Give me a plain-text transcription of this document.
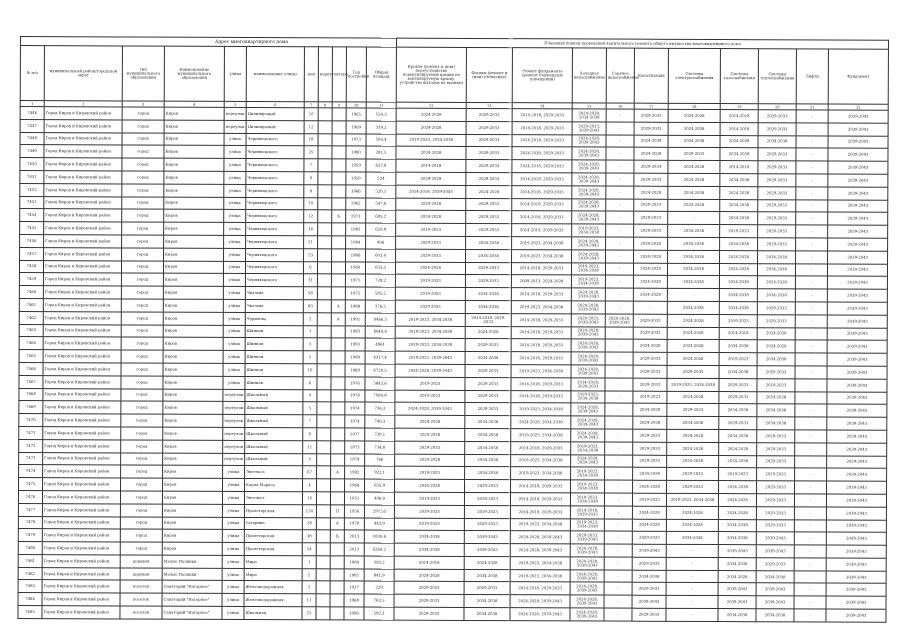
Адрес многоквартирного дома
											Плановый период проведения капитального ремонта общего имущества многоквартирного дома										
№ п/п	муниципальный район/городской округ	тип муниципального образования	Наименование муниципального образования	улица	наименование улицы	дом	корпус	литера	Год постройки	Общая площадь	Кровля (ремонт и (или) переустройство невентилируемой крыши на вентилируемую крышу, устройство выходов на кровлю)	Фасады (ремонт и (или) утепление)	Ремонт фундамента (ремонт подвальных помещений)	Холодное водоснабжение	Горячее водоснабжение	Канализация	Системы электроснабжения	Системы газоснабжения	Системы теплоснабжения	Лифты	Фундамент
1	2	3	4	5	6	7	8	9	10	11	12	13	14	15	16	17	18	19	20	21	22
7446	Город Киров и Кировский район	город	Киров	переулок	Цилиндровый	10			1965	550,3	2024-2028	2029-2033	2014-2018, 2029-2033	2024-2028, 2034-2038	-	2029-2033	2024-2028	2014-2018	2029-2033	-	2039-2043
7447	Город Киров и Кировский район	город	Киров	переулок	Цилиндровый	12			1969	319,2	2024-2028	2029-2033	2014-2018, 2029-2033	2029-2033, 2039-2043	-	2029-2033	2024-2028	2014-2018	2029-2033	-	2039-2043
7448	Город Киров и Кировский район	город	Киров	улица	Черняховского	18			1973	500,4	2019-2023, 2034-2038	2029-2033	2014-2018, 2029-2033	2024-2028, 2039-2043	-	2024-2028	2034-2038	2024-2028	2034-2038	-	2039-2043
7449	Город Киров и Кировский район	город	Киров	улица	Черняховского	25			1980	281,5	2024-2028	2029-2033	2024-2028, 2029-2033	2024-2028, 2039-2043	-	2024-2028	2029-2033	2034-2038	2029-2033	-	2039-2043
7450	Город Киров и Кировский район	город	Киров	улица	Черняховского	7			1959	627,8	2014-2018	2029-2033	2014-2018, 2029-2033	2024-2028, 2039-2043	-	2029-2033	2024-2028	2014-2018	2029-2033	-	2039-2043
7451	Город Киров и Кировский район	город	Киров	улица	Черняховского	9			1959	524	2024-2028	2029-2033	2014-2018, 2029-2033	2024-2028, 2039-2043	-	2029-2033	2024-2028	2034-2038	2029-2033	-	2039-2043
7452	Город Киров и Кировский район	город	Киров	улица	Черняховского	8			1966	520,1	2014-2018, 2039-2043	2024-2028	2014-2018, 2029-2033	2024-2028, 2039-2043	-	2024-2028	2034-2038	2024-2028	2029-2033	-	2039-2043
7453	Город Киров и Кировский район	город	Киров	улица	Черняховского	10			1962	547,6	2024-2028	2029-2033	2014-2018, 2029-2033	2024-2028, 2039-2043	-	2029-2033	2024-2028	2034-2038	2029-2033	-	2039-2043
7454	Город Киров и Кировский район	город	Киров	улица	Черняховского	12		Б	1971	695,2	2024-2028	2029-2033	2014-2018, 2029-2033	2024-2028, 2039-2043	-	2029-2033	-	2034-2038	2029-2033	-	2039-2043
7455	Город Киров и Кировский район	город	Киров	улица	Черняховского	16			1983	620,9	2019-2023	2029-2033	2014-2018, 2029-2033	2019-2023, 2034-2038	-	2029-2033	2034-2038	2019-2023	2029-2033	-	2039-2043
7456	Город Киров и Кировский район	город	Киров	улица	Черняховского	21			1984	406	2029-2033	2034-2038	2019-2023, 2034-2038	2024-2028, 2039-2043	-	2024-2028	2034-2038	2034-2038	2029-2033	-	2039-2043
7457	Город Киров и Кировский район	город	Киров	улица	Черняховского	23			1986	601,4	2029-2033	2034-2038	2019-2023, 2034-2038	2024-2028, 2039-2043	-	2024-2028	2034-2038	2024-2028	2034-2038	-	2039-2043
7458	Город Киров и Кировский район	город	Киров	улица	Черняховского	6			1960	633,5	2024-2028	2029-2033	2014-2018, 2029-2033	2019-2023, 2034-2038	-	2024-2028	2034-2038	2024-2028	2034-2038	-	2039-2043
7459	Город Киров и Кировский район	город	Киров	улица	Черняховского	31			1971	728,2	2019-2023	2029-2033	2009-2013, 2024-2028	2019-2023, 2034-2038	-	2024-2028	2034-2038	2034-2038	2024-2028	-	2039-2043
7460	Город Киров и Кировский район	город	Киров	улица	Чкалова	58			1975	585,2	2019-2023	2034-2038	2014-2018, 2029-2033	2024-2028, 2039-2043	-	2024-2028	-	2034-2038	2034-2038	-	2039-2043
7461	Город Киров и Кировский район	город	Киров	улица	Чкалова	60		А	1988	376,5	2029-2033	2034-2038	2019-2023, 2034-2038	2024-2028, 2039-2043	-	-	2034-2038	2034-2038	2029-2033	-	2039-2043
7462	Город Киров и Кировский район	город	Киров	улица	Чурилова	2		А	1992	4466,5	2019-2023, 2034-2038	2014-2018, 2029-2033	2014-2018, 2029-2033	2029-2033, 2039-2043	2024-2028, 2039-2043	2029-2033	2024-2028	2019-2023	2029-2033	-	2039-2043
7463	Город Киров и Кировский район	город	Киров	улица	Шинная	1			1983	6040,6	2019-2023, 2034-2038	2024-2028	2014-2018, 2029-2033	2024-2028, 2039-2043	-	2029-2033	2024-2028	2014-2018	2024-2028	-	2039-2043
7464	Город Киров и Кировский район	город	Киров	улица	Шинная	3			1993	4961	2019-2023, 2034-2038	2029-2033	2014-2018, 2029-2033	2024-2028, 2039-2043	-	2024-2028	2024-2028	2034-2038	2024-2028	-	2039-2043
7465	Город Киров и Кировский район	город	Киров	улица	Шинная	5			1999	4317,4	2019-2023, 2039-2043	2034-2038	2014-2018, 2029-2033	2024-2028, 2039-2043	-	2029-2033	2024-2028	2019-2023	2034-2038	-	2039-2043
7466	Город Киров и Кировский район	город	Киров	улица	Шинная	10			1989	6720,5	2024-2028, 2039-2043	2029-2033	2019-2023, 2034-2038	2024-2028, 2039-2043	-	2029-2033	2029-2033	2034-2038	2029-2033	-	2039-2043
7467	Город Киров и Кировский район	город	Киров	улица	Шинная	6			1976	5843,6	2019-2023	2029-2033	2014-2018, 2029-2033	2014-2018, 2029-2033	-	2029-2033	2019-2023, 2034-2038	2029-2033	2019-2023	-	2039-2043
7468	Город Киров и Кировский район	город	Киров	переулок	Школьный	4			1978	7090,9	2019-2023	2029-2033	2014-2018, 2029-2033	2019-2023, 2034-2038	-	2019-2023	2024-2028	2029-2033	2024-2028	-	2039-2043
7469	Город Киров и Кировский район	город	Киров	переулок	Школьный	5			1974	736,3	2024-2028, 2039-2043	2029-2033	2019-2023, 2034-2038	2024-2028, 2039-2043	-	2024-2028	2029-2033	2034-2038	2034-2038	-	2039-2043
7470	Город Киров и Кировский район	город	Киров	переулок	Школьный	7			1974	740,3	2024-2028	2034-2038	2024-2028, 2034-2038	2024-2028, 2039-2043	-	2024-2028	2034-2038	2029-2033	2034-2038	-	2039-2043
7471	Город Киров и Кировский район	город	Киров	переулок	Школьный	9			1977	739,1	2024-2028	2034-2038	2019-2023, 2034-2038	2024-2028, 2039-2043	-	2029-2033	2024-2028	2034-2038	2029-2033	-	2039-2043
7472	Город Киров и Кировский район	город	Киров	переулок	Школьный	11			1973	734,8	2029-2033	2034-2038	2014-2018, 2029-2033	2019-2023, 2034-2038	-	2029-2033	2024-2028	2024-2028	2029-2033	-	2039-2043
7473	Город Киров и Кировский район	город	Киров	переулок	Школьный	3			1974	766	2024-2028	2034-2038	2019-2023, 2034-2038	2024-2028, 2039-2043	-	2029-2033	2024-2028	2034-2038	2029-2033	-	2039-2043
7474	Город Киров и Кировский район	город	Киров	улица	Энгельса	67		А	1992	922,1	2019-2023	2034-2038	2019-2023, 2034-2038	2019-2023, 2034-2038	-	2034-2038	2029-2033	2019-2023	2029-2033	-	2039-2043
7475	Город Киров и Кировский район	город	Киров	улица	Карла Маркса	4			1964	635,9	2024-2028	2029-2033	2014-2018, 2029-2033	2019-2023, 2034-2038	-	2024-2028	2029-2033	2034-2038	2029-2033	-	2039-2043
7476	Город Киров и Кировский район	город	Киров	улица	Энгельса	14			1951	408,8	2019-2023	2029-2033	2014-2018, 2029-2033	2019-2023, 2034-2038	-	2019-2023	2019-2023, 2034-2038	2024-2028	2029-2033	-	2039-2043
7477	Город Киров и Кировский район	город	Киров	улица	Пролетарская	154		П	1956	297,55	2019-2023	2019-2023	2014-2018, 2029-2033	2014-2018, 2029-2033	-	2024-2028	2024-2028	2024-2028	2029-2033	-	2039-2043
7478	Город Киров и Кировский район	город	Киров	улица	Гагарина	28		А	1978	443,9	2019-2023	2029-2033	2019-2023, 2034-2038	2019-2023, 2034-2038	-	2024-2028	2024-2028	2034-2038	2029-2033	-	2039-2043
7479	Город Киров и Кировский район	город	Киров	улица	Пролетарская	38		Б	2013	1830,6	2034-2038	2039-2043	2024-2028, 2039-2043	2029-2033, 2039-2043	-	2029-2033	2034-2038	2034-2038	2039-2043	-	2039-2043
7480	Город Киров и Кировский район	город	Киров	улица	Пролетарская	54			2013	6260,2	2034-2038	2039-2043	2024-2028, 2039-2043	2024-2028, 2039-2043	-	2039-2043	-	2039-2043	2039-2043	-	2039-2043
7481	Город Киров и Кировский район	деревня	Малые Полянки	улица	Мира	1			1980	383,2	2014-2018	2024-2028	2019-2023, 2034-2038	2024-2028, 2039-2043	-	2029-2033	-	2034-2038	2029-2033	-	2039-2043
7482	Город Киров и Кировский район	деревня	Малые Полянки	улица	Мира	2			1985	841,9	2024-2028	2034-2038	2019-2023, 2034-2038	2024-2028, 2039-2043	-	2034-2038	-	2024-2028	2034-2038	-	2039-2043
7483	Город Киров и Кировский район	поселок	Санаторий "Нагорное"	улица	Железнодорожная	2			1937	229	2029-2033	2029-2033	2014-2018, 2029-2033	2024-2028, 2039-2043	-	2029-2033	-	2039-2043	2039-2043	-	2039-2043
7484	Город Киров и Кировский район	поселок	Санаторий "Нагорное"	улица	Железнодорожная	11			1968	763,5	2029-2033	2034-2038	2024-2028, 2039-2043	2024-2028, 2039-2043	-	2039-2043	-	2039-2043	2039-2043	-	2039-2043
7485	Город Киров и Кировский район	поселок	Санаторий "Нагорное"	улица	Школьная	25			1996	592,3	2029-2033	2034-2038	2024-2028, 2039-2043	2024-2028, 2039-2043	-	2029-2033	-	2034-2038	2034-2038	-	2039-2043
